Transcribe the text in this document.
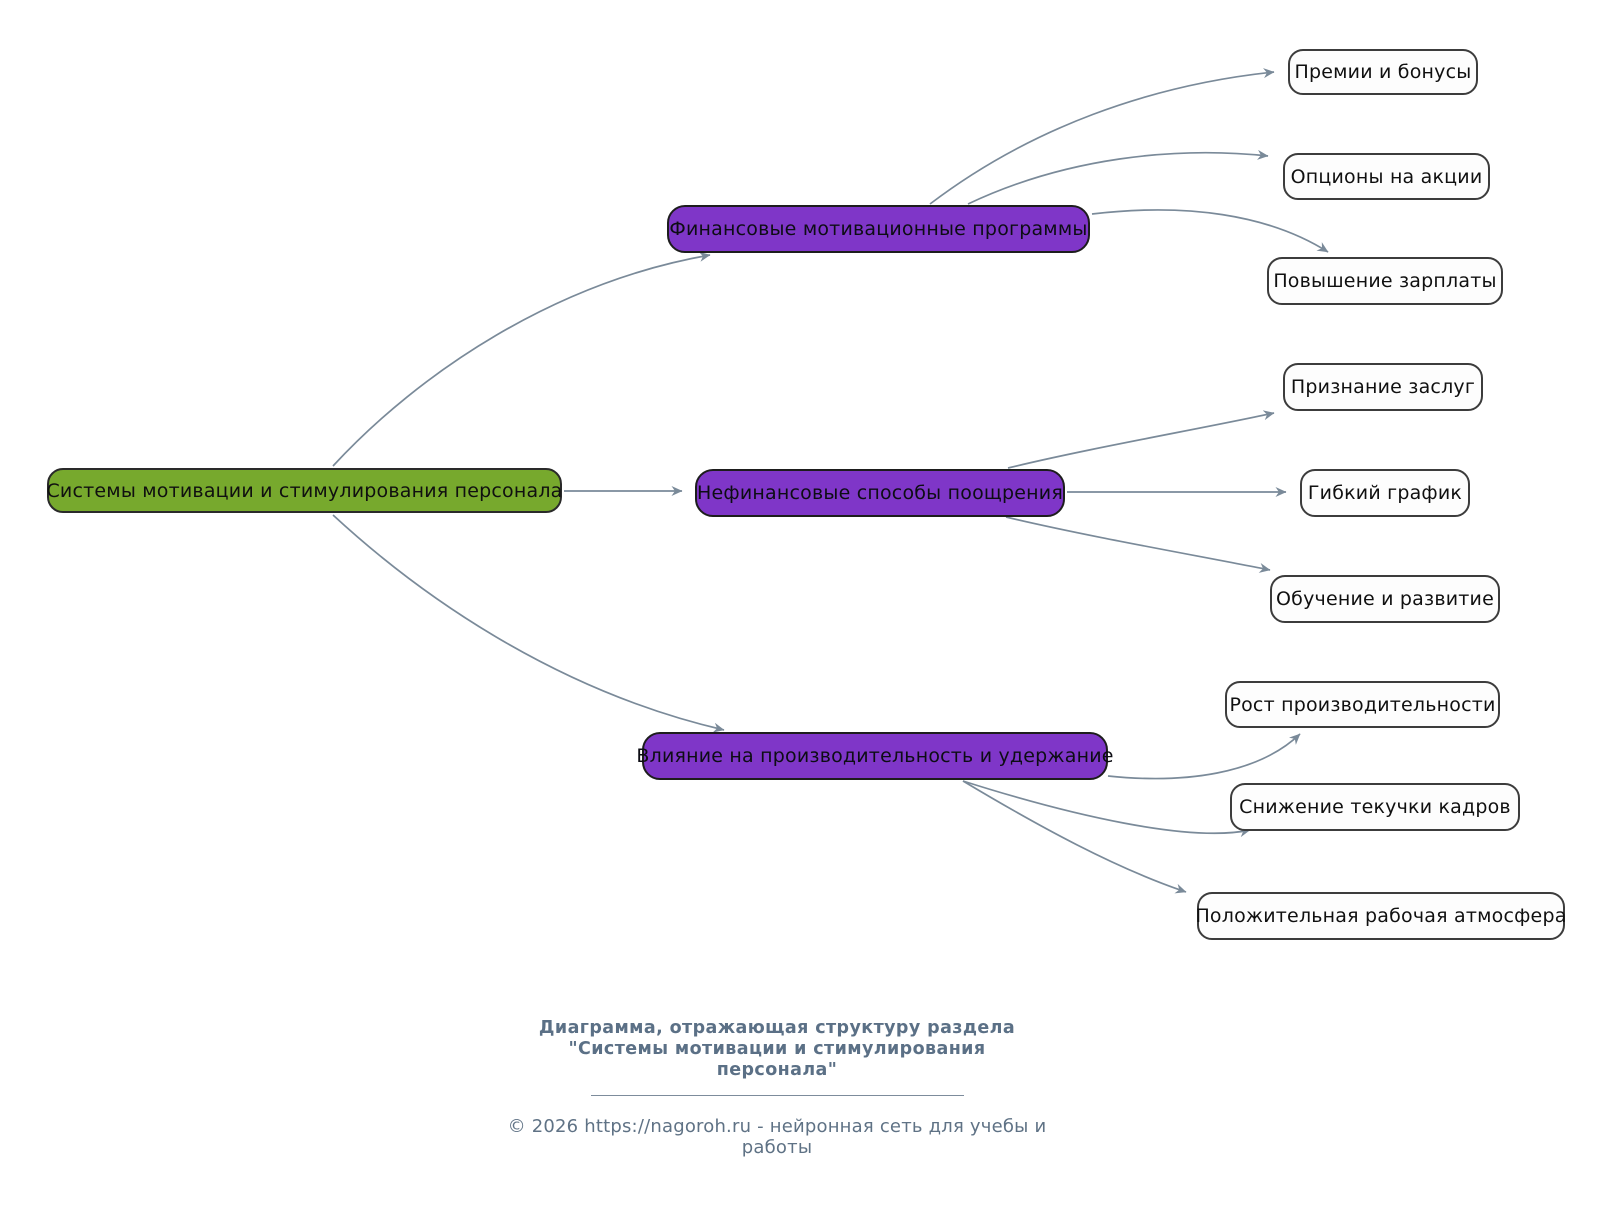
Системы мотивации и стимулирования персонала
Финансовые мотивационные программы
Нефинансовые способы поощрения
Влияние на производительность и удержание
Премии и бонусы
Опционы на акции
Повышение зарплаты
Признание заслуг
Гибкий график
Обучение и развитие
Рост производительности
Снижение текучки кадров
Положительная рабочая атмосфера
Диаграмма, отражающая структуру раздела
"Системы мотивации и стимулирования
персонала"
© 2026 https://nagoroh.ru - нейронная сеть для учебы и работы
